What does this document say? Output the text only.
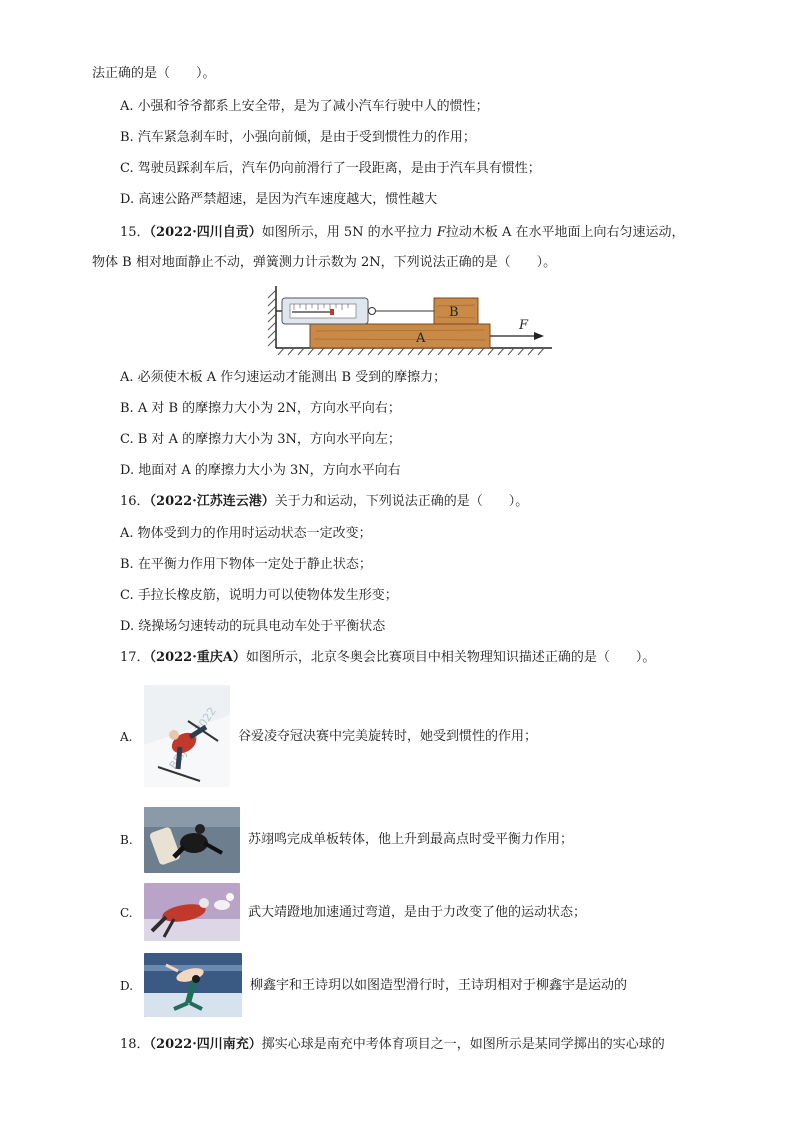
法正确的是（　　）。
A. 小强和爷爷都系上安全带，是为了减小汽车行驶中人的惯性；
B. 汽车紧急刹车时，小强向前倾，是由于受到惯性力的作用；
C. 驾驶员踩刹车后，汽车仍向前滑行了一段距离，是由于汽车具有惯性；
D. 高速公路严禁超速，是因为汽车速度越大，惯性越大
15．（2022·四川自贡）如图所示，用 5N 的水平拉力 F拉动木板 A 在水平地面上向右匀速运动，
物体 B 相对地面静止不动，弹簧测力计示数为 2N，下列说法正确的是（　　）。
A
B
F
A. 必须使木板 A 作匀速运动才能测出 B 受到的摩擦力；
B. A 对 B 的摩擦力大小为 2N，方向水平向右；
C. B 对 A 的摩擦力大小为 3N，方向水平向左；
D. 地面对 A 的摩擦力大小为 3N，方向水平向右
16．（2022·江苏连云港）关于力和运动，下列说法正确的是（　　）。
A. 物体受到力的作用时运动状态一定改变；
B. 在平衡力作用下物体一定处于静止状态；
C. 手拉长橡皮筋，说明力可以使物体发生形变；
D. 绕操场匀速转动的玩具电动车处于平衡状态
17．（2022·重庆A）如图所示，北京冬奥会比赛项目中相关物理知识描述正确的是（　　）。
A.
2022
谷爱凌夺冠决赛中完美旋转时，她受到惯性的作用；
B.	苏翊鸣完成单板转体，他上升到最高点时受平衡力作用；
C.	武大靖蹬地加速通过弯道，是由于力改变了他的运动状态；
D.	柳鑫宇和王诗玥以如图造型滑行时，王诗玥相对于柳鑫宇是运动的
18．（2022·四川南充）掷实心球是南充中考体育项目之一，如图所示是某同学掷出的实心球的
